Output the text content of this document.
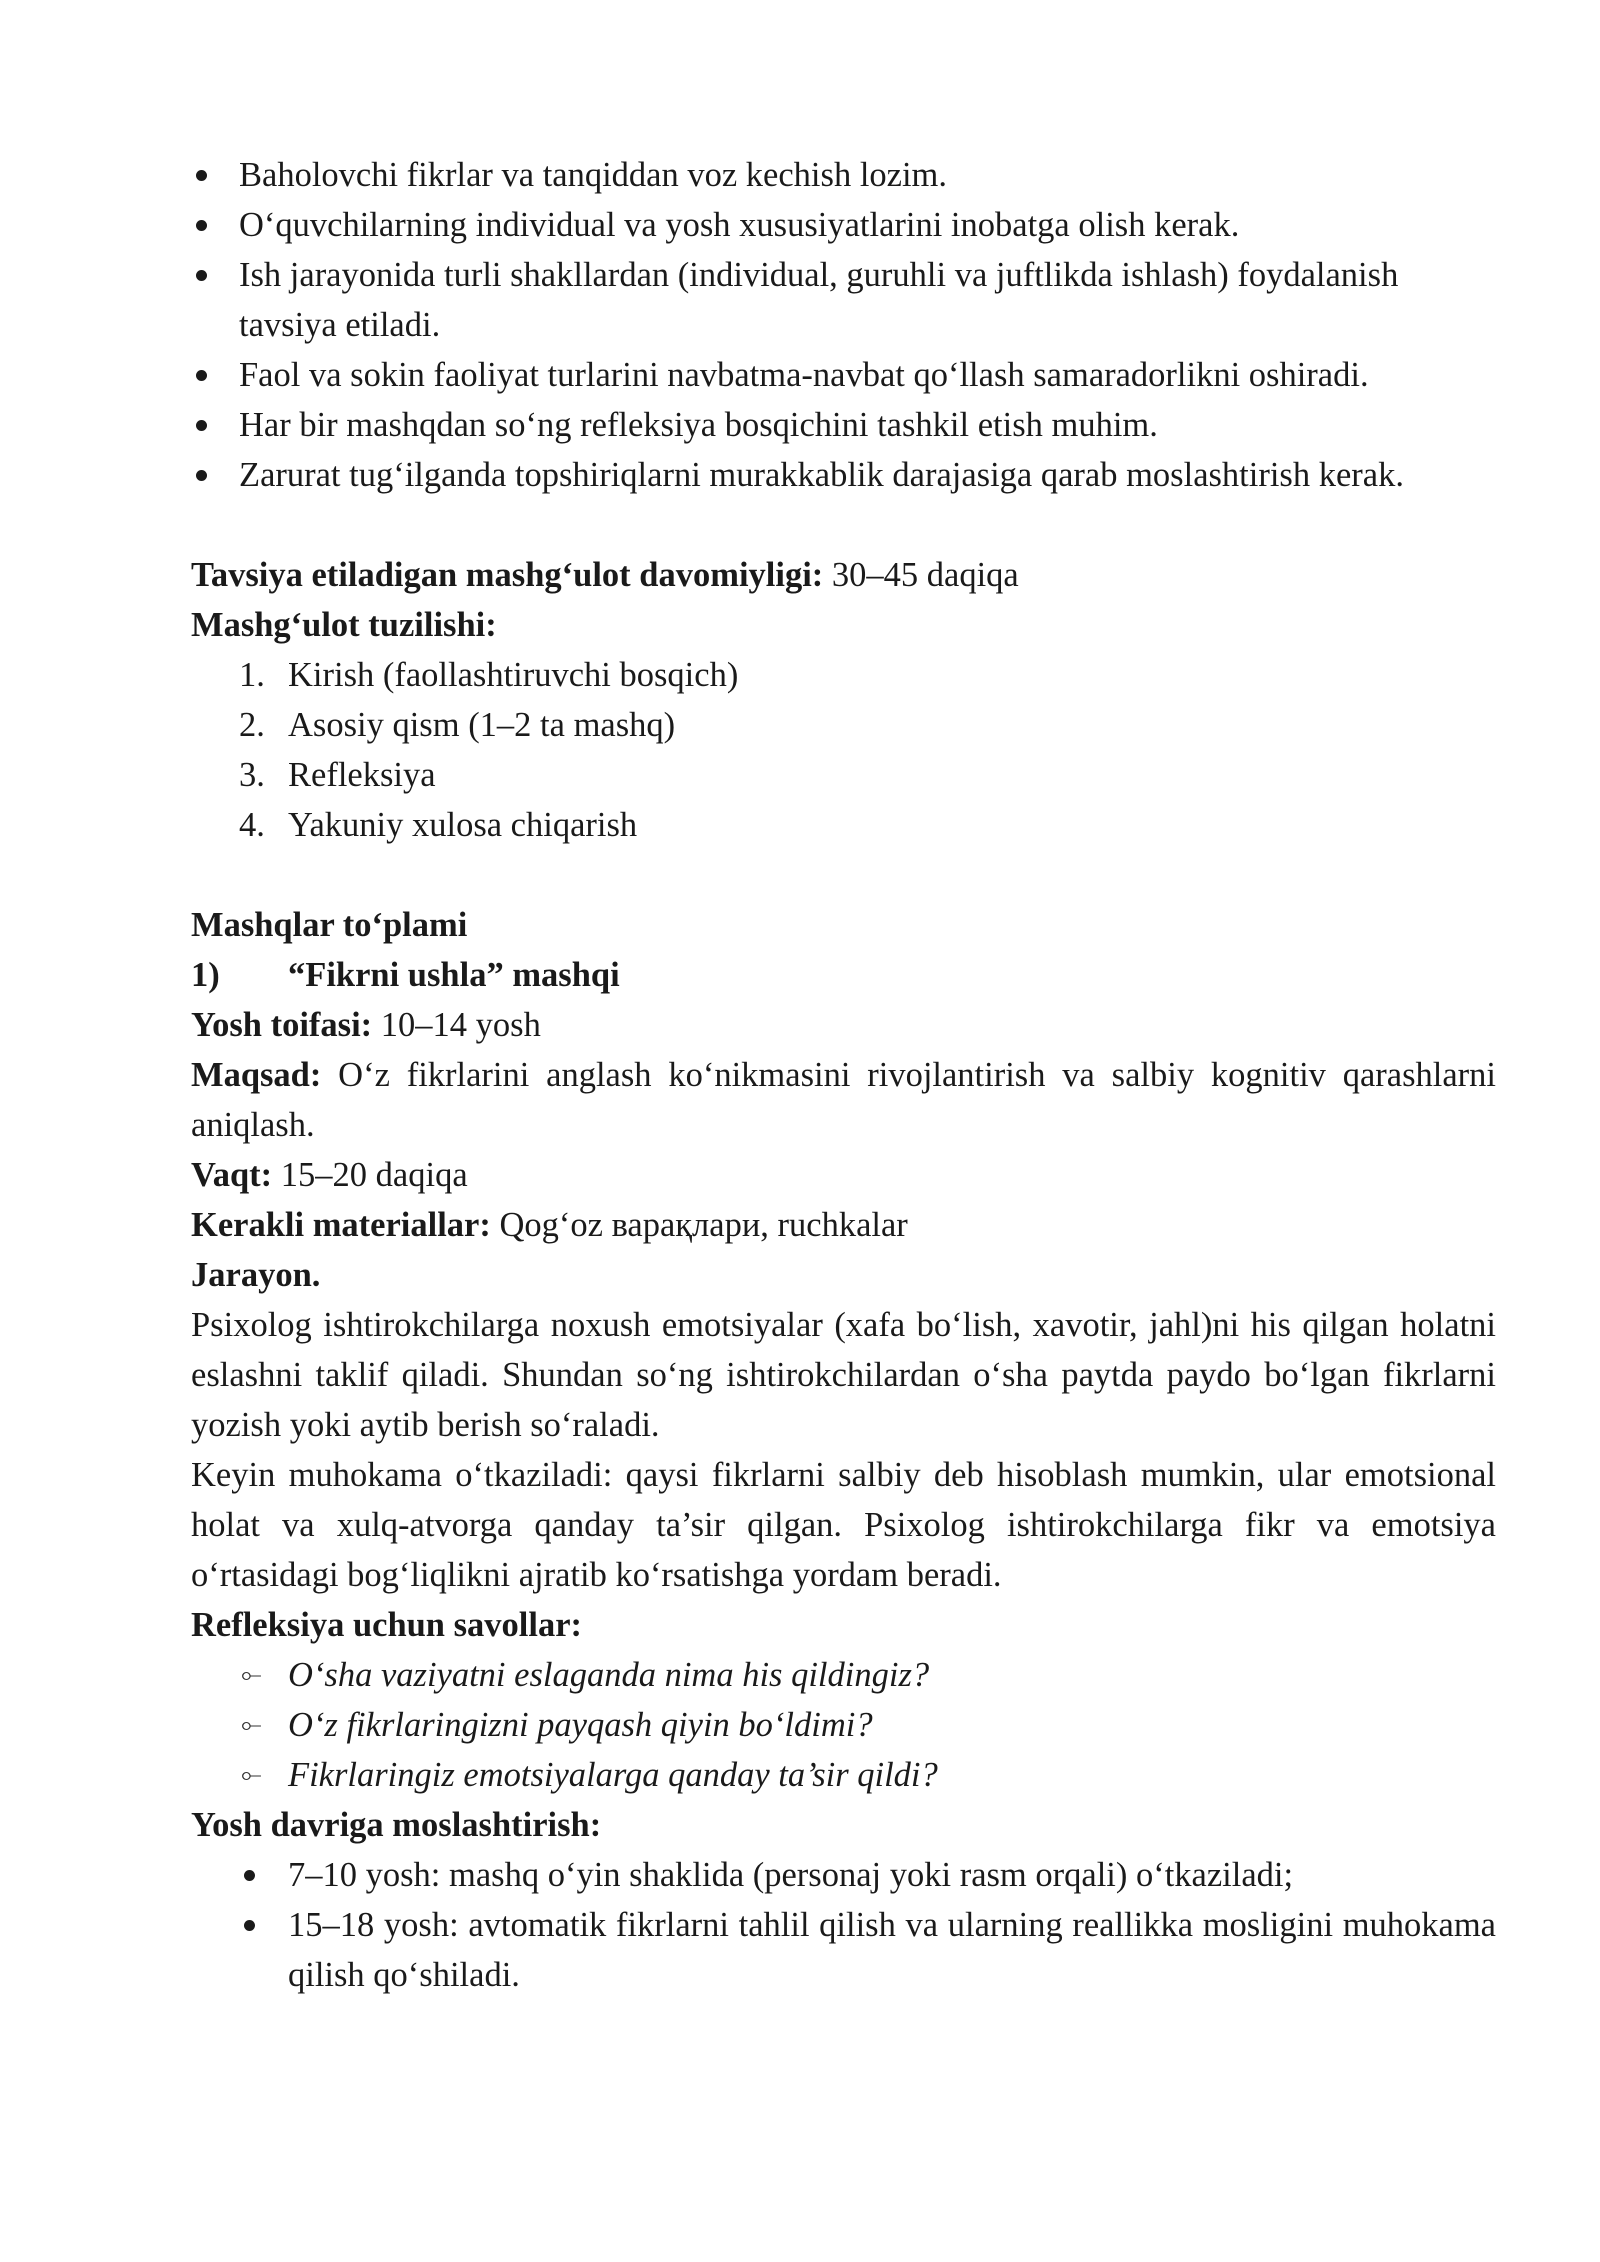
Baholovchi fikrlar va tanqiddan voz kechish lozim.
O‘quvchilarning individual va yosh xususiyatlarini inobatga olish kerak.
Ish jarayonida turli shakllardan (individual, guruhli va juftlikda ishlash) foydalanish tavsiya etiladi.
Faol va sokin faoliyat turlarini navbatma-navbat qo‘llash samaradorlikni oshiradi.
Har bir mashqdan so‘ng refleksiya bosqichini tashkil etish muhim.
Zarurat tug‘ilganda topshiriqlarni murakkablik darajasiga qarab moslashtirish kerak.

Tavsiya etiladigan mashg‘ulot davomiyligi: 30–45 daqiqa

Mashg‘ulot tuzilishi:

1. Kirish (faollashtiruvchi bosqich)
2. Asosiy qism (1–2 ta mashq)
3. Refleksiya
4. Yakuniy xulosa chiqarish

Mashqlar to‘plami

1) “Fikrni ushla” mashqi

Yosh toifasi: 10–14 yosh

Maqsad: O‘z fikrlarini anglash ko‘nikmasini rivojlantirish va salbiy kognitiv qarashlarni aniqlash.

Vaqt: 15–20 daqiqa

Kerakli materiallar: Qog‘oz варақлари, ruchkalar

Jarayon.

Psixolog ishtirokchilarga noxush emotsiyalar (xafa bo‘lish, xavotir, jahl)ni his qilgan holatni eslashni taklif qiladi. Shundan so‘ng ishtirokchilardan o‘sha paytda paydo bo‘lgan fikrlarni yozish yoki aytib berish so‘raladi.

Keyin muhokama o‘tkaziladi: qaysi fikrlarni salbiy deb hisoblash mumkin, ular emotsional holat va xulq-atvorga qanday ta’sir qilgan. Psixolog ishtirokchilarga fikr va emotsiya o‘rtasidagi bog‘liqlikni ajratib ko‘rsatishga yordam beradi.

Refleksiya uchun savollar:

⟜ O‘sha vaziyatni eslaganda nima his qildingiz?
⟜ O‘z fikrlaringizni payqash qiyin bo‘ldimi?
⟜ Fikrlaringiz emotsiyalarga qanday ta’sir qildi?

Yosh davriga moslashtirish:

7–10 yosh: mashq o‘yin shaklida (personaj yoki rasm orqali) o‘tkaziladi;
15–18 yosh: avtomatik fikrlarni tahlil qilish va ularning reallikka mosligini muhokama qilish qo‘shiladi.
